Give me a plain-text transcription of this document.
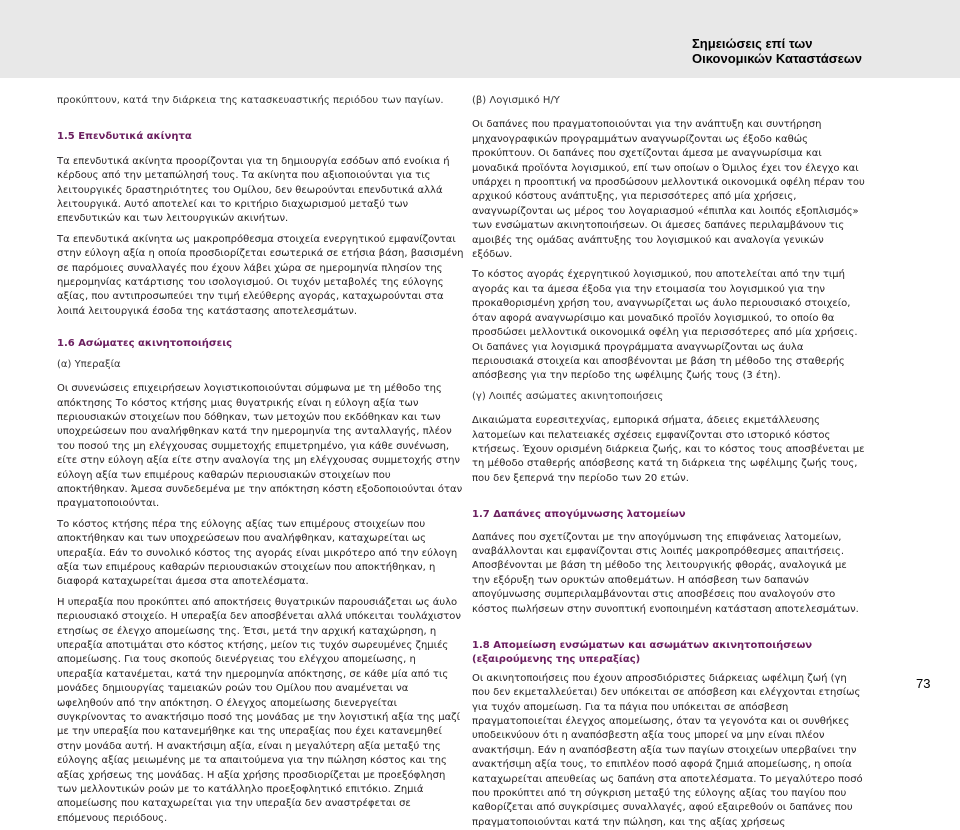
Σημειώσεις επί των
Οικονομικών Καταστάσεων

προκύπτουν, κατά την διάρκεια της κατασκευαστικής περιόδου των παγίων.

1.5 Επενδυτικά ακίνητα

Τα επενδυτικά ακίνητα προορίζονται για τη δημιουργία εσόδων από ενοίκια ή κέρδους από την μεταπώλησή τους. Τα ακίνητα που αξιοποιούνται για τις λειτουργικές δραστηριότητες του Ομίλου, δεν θεωρούνται επενδυτικά αλλά λειτουργικά. Αυτό αποτελεί και το κριτήριο διαχωρισμού μεταξύ των επενδυτικών και των λειτουργικών ακινήτων.

Τα επενδυτικά ακίνητα ως μακροπρόθεσμα στοιχεία ενεργητικού εμφανίζονται στην εύλογη αξία η οποία προσδιορίζεται εσωτερικά σε ετήσια βάση, βασισμένη σε παρόμοιες συναλλαγές που έχουν λάβει χώρα σε ημερομηνία πλησίον της ημερομηνίας κατάρτισης του ισολογισμού. Οι τυχόν μεταβολές της εύλογης αξίας, που αντιπροσωπεύει την τιμή ελεύθερης αγοράς, καταχωρούνται στα λοιπά λειτουργικά έσοδα της κατάστασης αποτελεσμάτων.

1.6 Ασώματες ακινητοποιήσεις

(α) Υπεραξία

Οι συνενώσεις επιχειρήσεων λογιστικοποιούνται σύμφωνα με τη μέθοδο της απόκτησης Το κόστος κτήσης μιας θυγατρικής είναι η εύλογη αξία των περιουσιακών στοιχείων που δόθηκαν, των μετοχών που εκδόθηκαν και των υποχρεώσεων που αναλήφθηκαν κατά την ημερομηνία της ανταλλαγής, πλέον του ποσού της μη ελέγχουσας συμμετοχής επιμετρημένο, για κάθε συνένωση, είτε στην εύλογη αξία είτε στην αναλογία της μη ελέγχουσας συμμετοχής στην εύλογη αξία των επιμέρους καθαρών περιουσιακών στοιχείων που αποκτήθηκαν. Άμεσα συνδεδεμένα με την απόκτηση κόστη εξοδοποιούνται όταν πραγματοποιούνται.

Το κόστος κτήσης πέρα της εύλογης αξίας των επιμέρους στοιχείων που αποκτήθηκαν και των υποχρεώσεων που αναλήφθηκαν, καταχωρείται ως υπεραξία. Εάν το συνολικό κόστος της αγοράς είναι μικρότερο από την εύλογη αξία των επιμέρους καθαρών περιουσιακών στοιχείων που αποκτήθηκαν, η διαφορά καταχωρείται άμεσα στα αποτελέσματα.

Η υπεραξία που προκύπτει από αποκτήσεις θυγατρικών παρουσιάζεται ως άυλο περιουσιακό στοιχείο. Η υπεραξία δεν αποσβένεται αλλά υπόκειται τουλάχιστον ετησίως σε έλεγχο απομείωσης της. Έτσι, μετά την αρχική καταχώρηση, η υπεραξία αποτιμάται στο κόστος κτήσης, μείον τις τυχόν σωρευμένες ζημιές απομείωσης. Για τους σκοπούς διενέργειας του ελέγχου απομείωσης, η υπεραξία κατανέμεται, κατά την ημερομηνία απόκτησης, σε κάθε μία από τις μονάδες δημιουργίας ταμειακών ροών του Ομίλου που αναμένεται να ωφεληθούν από την απόκτηση. Ο έλεγχος απομείωσης διενεργείται συγκρίνοντας το ανακτήσιμο ποσό της μονάδας με την λογιστική αξία της μαζί με την υπεραξία που κατανεμήθηκε και της υπεραξίας που έχει κατανεμηθεί στην μονάδα αυτή. Η ανακτήσιμη αξία, είναι η μεγαλύτερη αξία μεταξύ της εύλογης αξίας μειωμένης με τα απαιτούμενα για την πώληση κόστος και της αξίας χρήσεως της μονάδας. Η αξία χρήσης προσδιορίζεται με προεξόφληση των μελλοντικών ροών με το κατάλληλο προεξοφλητικό επιτόκιο. Ζημιά απομείωσης που καταχωρείται για την υπεραξία δεν αναστρέφεται σε επόμενους περιόδους.

(β) Λογισμικό Η/Υ

Οι δαπάνες που πραγματοποιούνται για την ανάπτυξη και συντήρηση μηχανογραφικών προγραμμάτων αναγνωρίζονται ως έξοδο καθώς προκύπτουν. Οι δαπάνες που σχετίζονται άμεσα με αναγνωρίσιμα και μοναδικά προϊόντα λογισμικού, επί των οποίων ο Όμιλος έχει τον έλεγχο και υπάρχει η προοπτική να προσδώσουν μελλοντικά οικονομικά οφέλη πέραν του αρχικού κόστους ανάπτυξης, για περισσότερες από μία χρήσεις, αναγνωρίζονται ως μέρος του λογαριασμού «έπιπλα και λοιπός εξοπλισμός» των ενσώματων ακινητοποιήσεων. Οι άμεσες δαπάνες περιλαμβάνουν τις αμοιβές της ομάδας ανάπτυξης του λογισμικού και αναλογία γενικών εξόδων.

Το κόστος αγοράς έχεργητικού λογισμικού, που αποτελείται από την τιμή αγοράς και τα άμεσα έξοδα για την ετοιμασία του λογισμικού για την προκαθορισμένη χρήση του, αναγνωρίζεται ως άυλο περιουσιακό στοιχείο, όταν αφορά αναγνωρίσιμο και μοναδικό προϊόν λογισμικού, το οποίο θα προσδώσει μελλοντικά οικονομικά οφέλη για περισσότερες από μία χρήσεις. Οι δαπάνες για λογισμικά προγράμματα αναγνωρίζονται ως άυλα περιουσιακά στοιχεία και αποσβένονται με βάση τη μέθοδο της σταθερής απόσβεσης για την περίοδο της ωφέλιμης ζωής τους (3 έτη).

(γ) Λοιπές ασώματες ακινητοποιήσεις

Δικαιώματα ευρεσιτεχνίας, εμπορικά σήματα, άδειες εκμετάλλευσης λατομείων και πελατειακές σχέσεις εμφανίζονται στο ιστορικό κόστος κτήσεως. Έχουν ορισμένη διάρκεια ζωής, και το κόστος τους αποσβένεται με τη μέθοδο σταθερής απόσβεσης κατά τη διάρκεια της ωφέλιμης ζωής τους, που δεν ξεπερνά την περίοδο των 20 ετών.

1.7 Δαπάνες απογύμνωσης λατομείων

Δαπάνες που σχετίζονται με την απογύμνωση της επιφάνειας λατομείων, αναβάλλονται και εμφανίζονται στις λοιπές μακροπρόθεσμες απαιτήσεις. Αποσβένονται με βάση τη μέθοδο της λειτουργικής φθοράς, αναλογικά με την εξόρυξη των ορυκτών αποθεμάτων. Η απόσβεση των δαπανών απογύμνωσης συμπεριλαμβάνονται στις αποσβέσεις που αναλογούν στο κόστος πωλήσεων στην συνοπτική ενοποιημένη κατάσταση αποτελεσμάτων.

1.8 Απομείωση ενσώματων και ασωμάτων ακινητοποιήσεων (εξαιρούμενης της υπεραξίας)

Οι ακινητοποιήσεις που έχουν απροσδιόριστες διάρκειας ωφέλιμη ζωή (γη που δεν εκμεταλλεύεται) δεν υπόκειται σε απόσβεση και ελέγχονται ετησίως για τυχόν απομείωση. Για τα πάγια που υπόκειται σε απόσβεση πραγματοποιείται έλεγχος απομείωσης, όταν τα γεγονότα και οι συνθήκες υποδεικνύουν ότι η αναπόσβεστη αξία τους μπορεί να μην είναι πλέον ανακτήσιμη. Εάν η αναπόσβεστη αξία των παγίων στοιχείων υπερβαίνει την ανακτήσιμη αξία τους, το επιπλέον ποσό αφορά ζημιά απομείωσης, η οποία καταχωρείται απευθείας ως δαπάνη στα αποτελέσματα. Το μεγαλύτερο ποσό που προκύπτει από τη σύγκριση μεταξύ της εύλογης αξίας του παγίου που καθορίζεται από συγκρίσιμες συναλλαγές, αφού εξαιρεθούν οι δαπάνες που πραγματοποιούνται κατά την πώληση, και της αξίας χρήσεως

73
